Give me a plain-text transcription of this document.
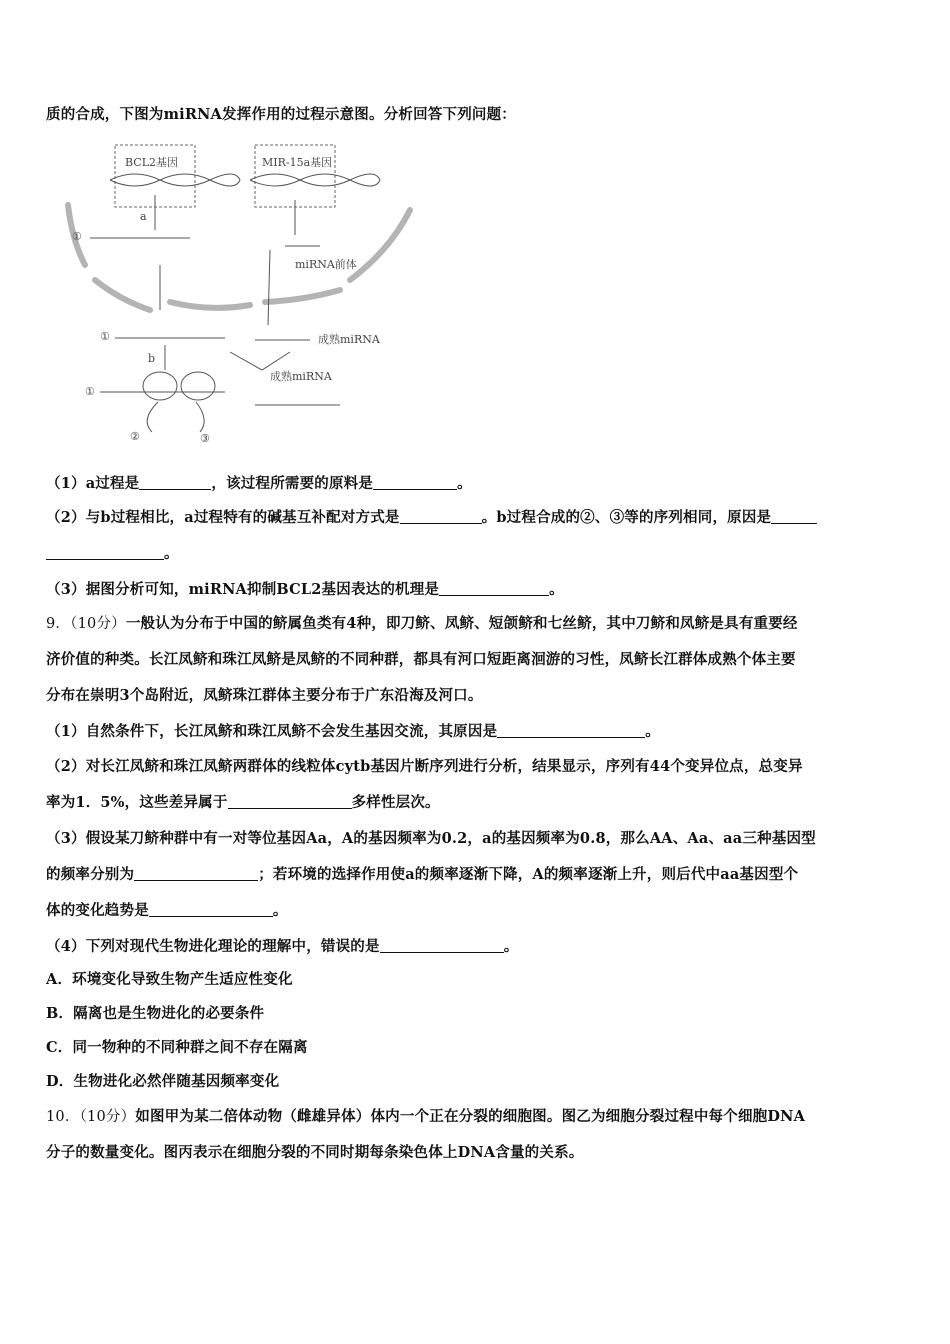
质的合成，下图为miRNA发挥作用的过程示意图。分析回答下列问题：
BCL2基因	MIR-15a基因
a
①
miRNA前体
①	成熟miRNA
b
成熟miRNA
①
②	③
（1）a过程是	，该过程所需要的原料是	。
（2）与b过程相比，a过程特有的碱基互补配对方式是	。b过程合成的②、③等的序列相同，原因是
。
（3）据图分析可知，miRNA抑制BCL2基因表达的机理是	。
9．（10分）一般认为分布于中国的鲚属鱼类有4种，即刀鲚、凤鲚、短颌鲚和七丝鲚，其中刀鲚和凤鲚是具有重要经
济价值的种类。长江凤鲚和珠江凤鲚是凤鲚的不同种群，都具有河口短距离洄游的习性，凤鲚长江群体成熟个体主要
分布在崇明3个岛附近，凤鲚珠江群体主要分布于广东沿海及河口。
（1）自然条件下，长江凤鲚和珠江凤鲚不会发生基因交流，其原因是	。
（2）对长江凤鲚和珠江凤鲚两群体的线粒体cytb基因片断序列进行分析，结果显示，序列有44个变异位点，总变异
率为1．5%，这些差异属于	多样性层次。
（3）假设某刀鲚种群中有一对等位基因Aa，A的基因频率为0.2，a的基因频率为0.8，那么AA、Aa、aa三种基因型
的频率分别为	；若环境的选择作用使a的频率逐渐下降，A的频率逐渐上升，则后代中aa基因型个
体的变化趋势是	。
（4）下列对现代生物进化理论的理解中，错误的是	。
A．环境变化导致生物产生适应性变化
B．隔离也是生物进化的必要条件
C．同一物种的不同种群之间不存在隔离
D．生物进化必然伴随基因频率变化
10．（10分）如图甲为某二倍体动物（雌雄异体）体内一个正在分裂的细胞图。图乙为细胞分裂过程中每个细胞DNA
分子的数量变化。图丙表示在细胞分裂的不同时期每条染色体上DNA含量的关系。
